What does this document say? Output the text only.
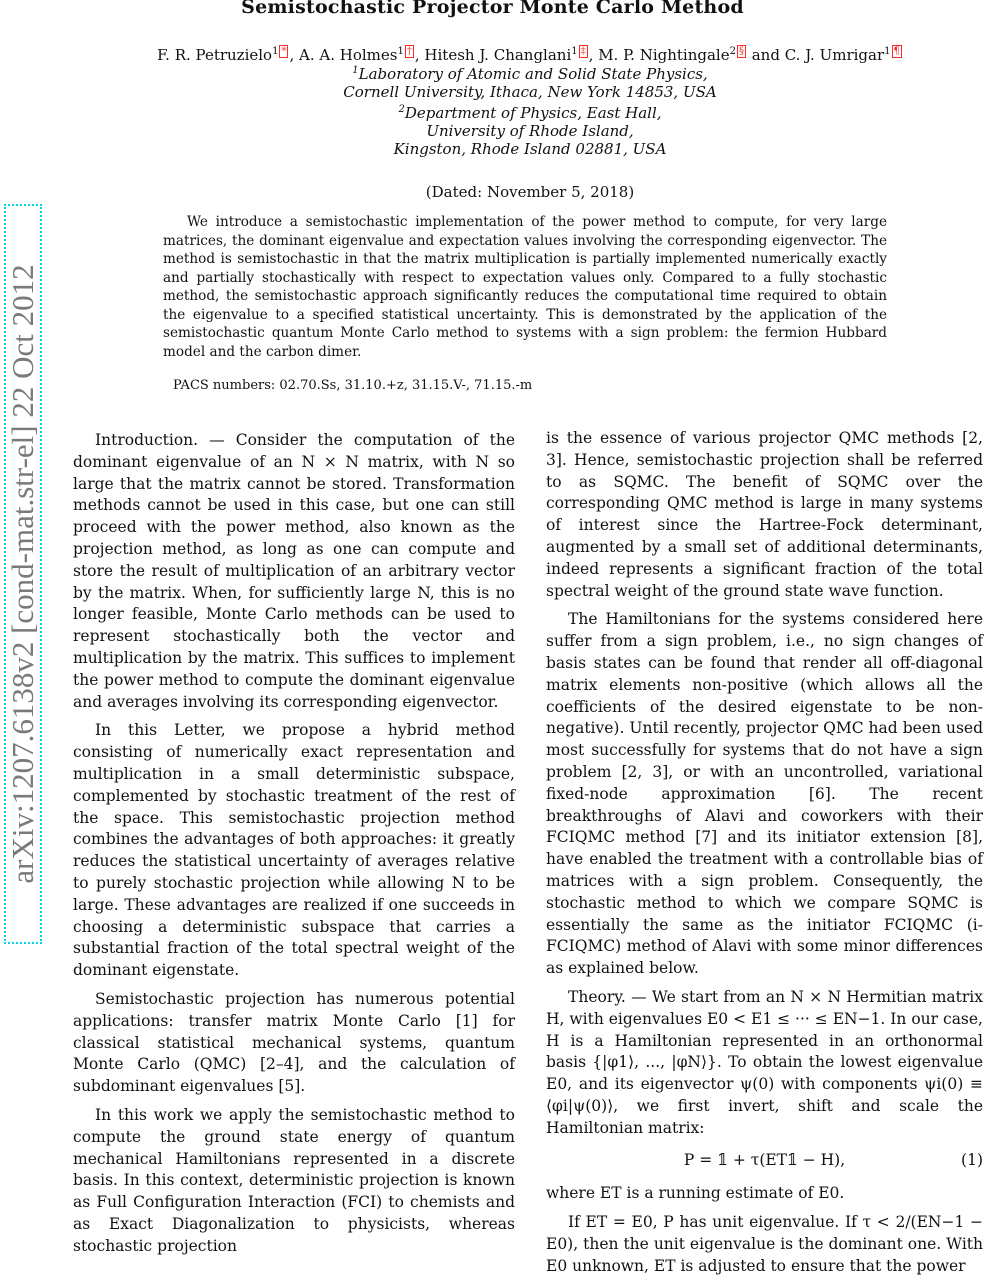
Semistochastic Projector Monte Carlo Method
F. R. Petruzielo$^1$ * , A. A. Holmes$^1$ † , Hitesh J. Changlani$^1$ ‡ , M. P. Nightingale$^2$ § and C. J. Umrigar$^1$ ¶
$^1$Laboratory of Atomic and Solid State Physics,
Cornell University, Ithaca, New York 14853, USA
$^2$Department of Physics, East Hall,
University of Rhode Island,
Kingston, Rhode Island 02881, USA
(Dated: November 5, 2018)
We introduce a semistochastic implementation of the power method to compute, for very large matrices, the dominant eigenvalue and expectation values involving the corresponding eigenvector. The method is semistochastic in that the matrix multiplication is partially implemented numerically exactly and partially stochastically with respect to expectation values only. Compared to a fully stochastic method, the semistochastic approach significantly reduces the computational time required to obtain the eigenvalue to a specified statistical uncertainty. This is demonstrated by the application of the semistochastic quantum Monte Carlo method to systems with a sign problem: the fermion Hubbard model and the carbon dimer.
PACS numbers: 02.70.Ss, 31.10.+z, 31.15.V-, 71.15.-m
arXiv:1207.6138v2 [cond-mat.str-el] 22 Oct 2012	Introduction. — Consider the computation of the dominant eigenvalue of an N × N matrix, with N so large that the matrix cannot be stored. Transformation methods cannot be used in this case, but one can still proceed with the power method, also known as the projection method, as long as one can compute and store the result of multiplication of an arbitrary vector by the matrix. When, for sufficiently large N, this is no longer feasible, Monte Carlo methods can be used to represent stochastically both the vector and multiplication by the matrix. This suffices to implement the power method to compute the dominant eigenvalue and averages involving its corresponding eigenvector.

In this Letter, we propose a hybrid method consisting of numerically exact representation and multiplication in a small deterministic subspace, complemented by stochastic treatment of the rest of the space. This semistochastic projection method combines the advantages of both approaches: it greatly reduces the statistical uncertainty of averages relative to purely stochastic projection while allowing N to be large. These advantages are realized if one succeeds in choosing a deterministic subspace that carries a substantial fraction of the total spectral weight of the dominant eigenstate.

Semistochastic projection has numerous potential applications: transfer matrix Monte Carlo [1] for classical statistical mechanical systems, quantum Monte Carlo (QMC) [2–4], and the calculation of subdominant eigenvalues [5].

In this work we apply the semistochastic method to compute the ground state energy of quantum mechanical Hamiltonians represented in a discrete basis. In this context, deterministic projection is known as Full Configuration Interaction (FCI) to chemists and as Exact Diagonalization to physicists, whereas stochastic projection

is the essence of various projector QMC methods [2, 3]. Hence, semistochastic projection shall be referred to as SQMC. The benefit of SQMC over the corresponding QMC method is large in many systems of interest since the Hartree-Fock determinant, augmented by a small set of additional determinants, indeed represents a significant fraction of the total spectral weight of the ground state wave function.

The Hamiltonians for the systems considered here suffer from a sign problem, i.e., no sign changes of basis states can be found that render all off-diagonal matrix elements non-positive (which allows all the coefficients of the desired eigenstate to be non-negative). Until recently, projector QMC had been used most successfully for systems that do not have a sign problem [2, 3], or with an uncontrolled, variational fixed-node approximation [6]. The recent breakthroughs of Alavi and coworkers with their FCIQMC method [7] and its initiator extension [8], have enabled the treatment with a controllable bias of matrices with a sign problem. Consequently, the stochastic method to which we compare SQMC is essentially the same as the initiator FCIQMC (i-FCIQMC) method of Alavi with some minor differences as explained below.

Theory. — We start from an N × N Hermitian matrix H, with eigenvalues E0 < E1 ≤ ··· ≤ EN−1. In our case, H is a Hamiltonian represented in an orthonormal basis {|φ1⟩, ..., |φN⟩}. To obtain the lowest eigenvalue E0, and its eigenvector ψ(0) with components ψi(0) ≡ ⟨φi|ψ(0)⟩, we first invert, shift and scale the Hamiltonian matrix:

P = 𝟙 + τ(ET𝟙 − H),	(1)

where ET is a running estimate of E0.

If ET = E0, P has unit eigenvalue. If τ < 2/(EN−1 − E0), then the unit eigenvalue is the dominant one. With E0 unknown, ET is adjusted to ensure that the power
